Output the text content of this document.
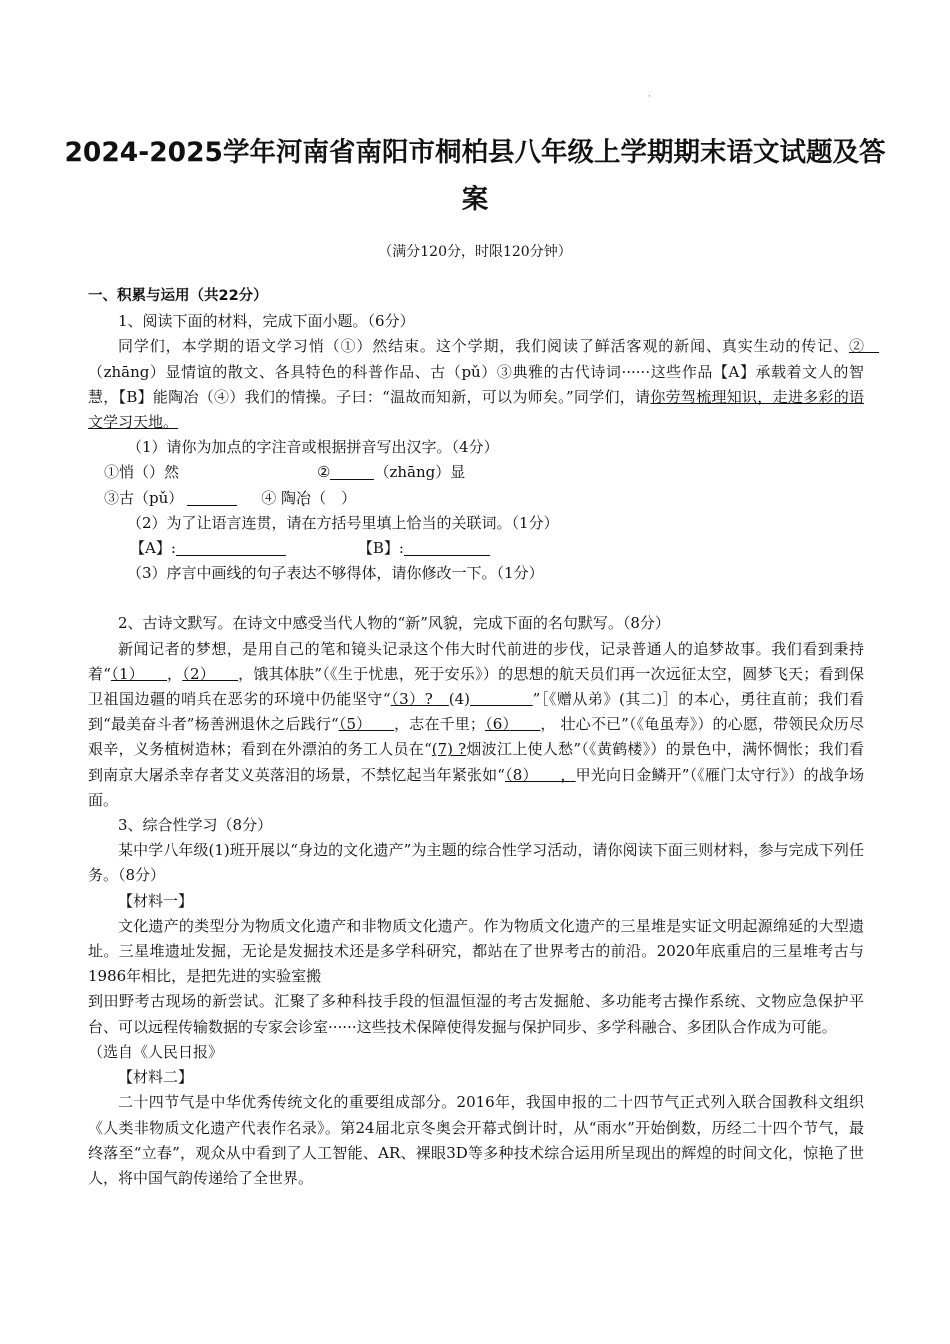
·
2024-2025学年河南省南阳市桐柏县八年级上学期期末语文试题及答
案
（满分120分，时限120分钟）

一、积累与运用（共22分）

1、阅读下面的材料，完成下面小题。（6分）

同学们，本学期的语文学习悄（①）然结束。这个学期，我们阅读了鲜活客观的新闻、真实生动的传记、②　（zhāng）显情谊的散文、各具特色的科普作品、古（pǔ）③典雅的古代诗词······这些作品【A】承载着文人的智慧，【B】能陶冶（④）我们的情操。子曰：“温故而知新，可以为师矣。”同学们，请你劳驾梳理知识，走进多彩的语文学习天地。

（1）请你为加点的字注音或根据拼音写出汉字。（4分）

①悄（）然	②	（zhāng）显

③古（pǔ）	④ 陶冶（　）

（2）为了让语言连贯，请在方括号里填上恰当的关联词。（1分）

【A】:	【B】:

（3）序言中画线的句子表达不够得体，请你修改一下。（1分）

2、古诗文默写。在诗文中感受当代人物的“新”风貌，完成下面的名句默写。（8分）

新闻记者的梦想，是用自己的笔和镜头记录这个伟大时代前进的步伐，记录普通人的追梦故事。我们看到秉持着“（1）　　 ，（2）　　 ，饿其体肤”（《生于忧患，死于安乐》）的思想的航天员们再一次远征太空，圆梦飞天；看到保卫祖国边疆的哨兵在恶劣的环境中仍能坚守“（3）?　 (4)　　　　	”［《赠从弟》(其二)］的本心，勇往直前；我们看到“最美奋斗者”杨善洲退休之后践行“（5）　　 ，志在千里；（6）　　 ， 壮心不已”（《龟虽寿》）的心愿，带领民众历尽艰辛，义务植树造林；看到在外漂泊的务工人员在“(7) ?烟波江上使人愁”（《黄鹤楼》）的景色中，满怀惆怅；我们看到南京大屠杀幸存者艾义英落泪的场景，不禁忆起当年紧张如“（8）　　，甲光向日金鳞开”（《雁门太守行》）的战争场面。

3、综合性学习（8分）

某中学八年级(1)班开展以“身边的文化遗产”为主题的综合性学习活动，请你阅读下面三则材料，参与完成下列任务。（8分）

【材料一】

文化遗产的类型分为物质文化遗产和非物质文化遗产。作为物质文化遗产的三星堆是实证文明起源绵延的大型遗址。三星堆遗址发掘，无论是发掘技术还是多学科研究，都站在了世界考古的前沿。2020年底重启的三星堆考古与1986年相比，是把先进的实验室搬

到田野考古现场的新尝试。汇聚了多种科技手段的恒温恒湿的考古发掘舱、多功能考古操作系统、文物应急保护平台、可以远程传输数据的专家会诊室······这些技术保障使得发掘与保护同步、多学科融合、多团队合作成为可能。

（选自《人民日报》

【材料二】

二十四节气是中华优秀传统文化的重要组成部分。2016年，我国申报的二十四节气正式列入联合国教科文组织《人类非物质文化遗产代表作名录》。第24届北京冬奥会开幕式倒计时，从“雨水”开始倒数，历经二十四个节气，最终落至“立春”，观众从中看到了人工智能、AR、裸眼3D等多种技术综合运用所呈现出的辉煌的时间文化，惊艳了世人，将中国气韵传递给了全世界。
